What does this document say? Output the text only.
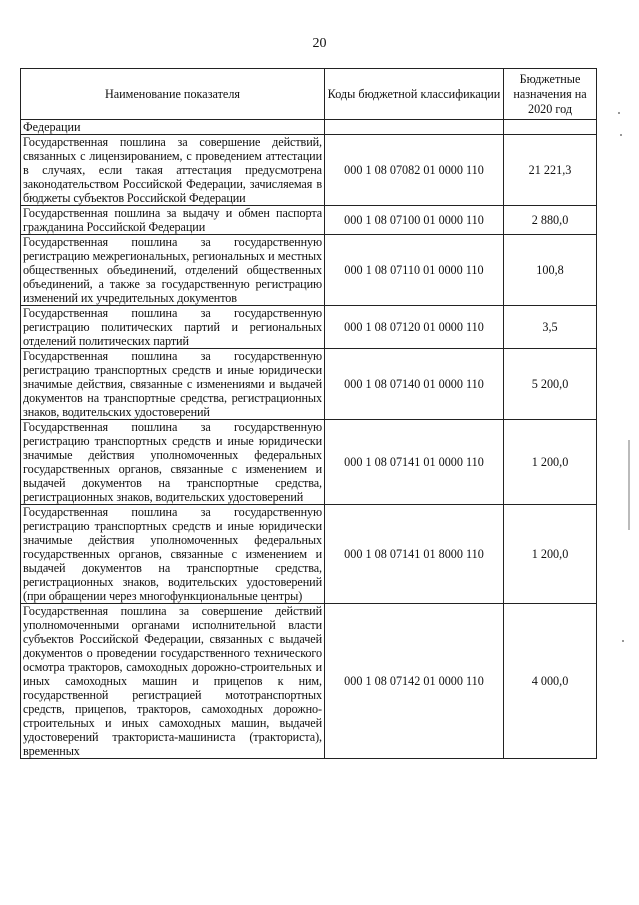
20
Наименование показателя	Коды бюджетной классификации	Бюджетные назначения на 2020 год
Федерации		
Государственная пошлина за совершение действий, связанных с лицензированием, с проведением аттестации в случаях, если такая аттестация предусмотрена законодательством Российской Федерации, зачисляемая в бюджеты субъектов Российской Федерации	000 1 08 07082 01 0000 110	21 221,3
Государственная пошлина за выдачу и обмен паспорта гражданина Российской Федерации	000 1 08 07100 01 0000 110	2 880,0
Государственная пошлина за государственную регистрацию межрегиональных, региональных и местных общественных объединений, отделений общественных объединений, а также за государственную регистрацию изменений их учредительных документов	000 1 08 07110 01 0000 110	100,8
Государственная пошлина за государственную регистрацию политических партий и региональных отделений политических партий	000 1 08 07120 01 0000 110	3,5
Государственная пошлина за государственную регистрацию транспортных средств и иные юридически значимые действия, связанные с изменениями и выдачей документов на транспортные средства, регистрационных знаков, водительских удостоверений	000 1 08 07140 01 0000 110	5 200,0
Государственная пошлина за государственную регистрацию транспортных средств и иные юридически значимые действия уполномоченных федеральных государственных органов, связанные с изменением и выдачей документов на транспортные средства, регистрационных знаков, водительских удостоверений	000 1 08 07141 01 0000 110	1 200,0
Государственная пошлина за государственную регистрацию транспортных средств и иные юридически значимые действия уполномоченных федеральных государственных органов, связанные с изменением и выдачей документов на транспортные средства, регистрационных знаков, водительских удостоверений (при обращении через многофункциональные центры)	000 1 08 07141 01 8000 110	1 200,0
Государственная пошлина за совершение действий уполномоченными органами исполнительной власти субъектов Российской Федерации, связанных с выдачей документов о проведении государственного технического осмотра тракторов, самоходных дорожно-строительных и иных самоходных машин и прицепов к ним, государственной регистрацией мототранспортных средств, прицепов, тракторов, самоходных дорожно-строительных и иных самоходных машин, выдачей удостоверений тракториста-машиниста (тракториста), временных	000 1 08 07142 01 0000 110	4 000,0
